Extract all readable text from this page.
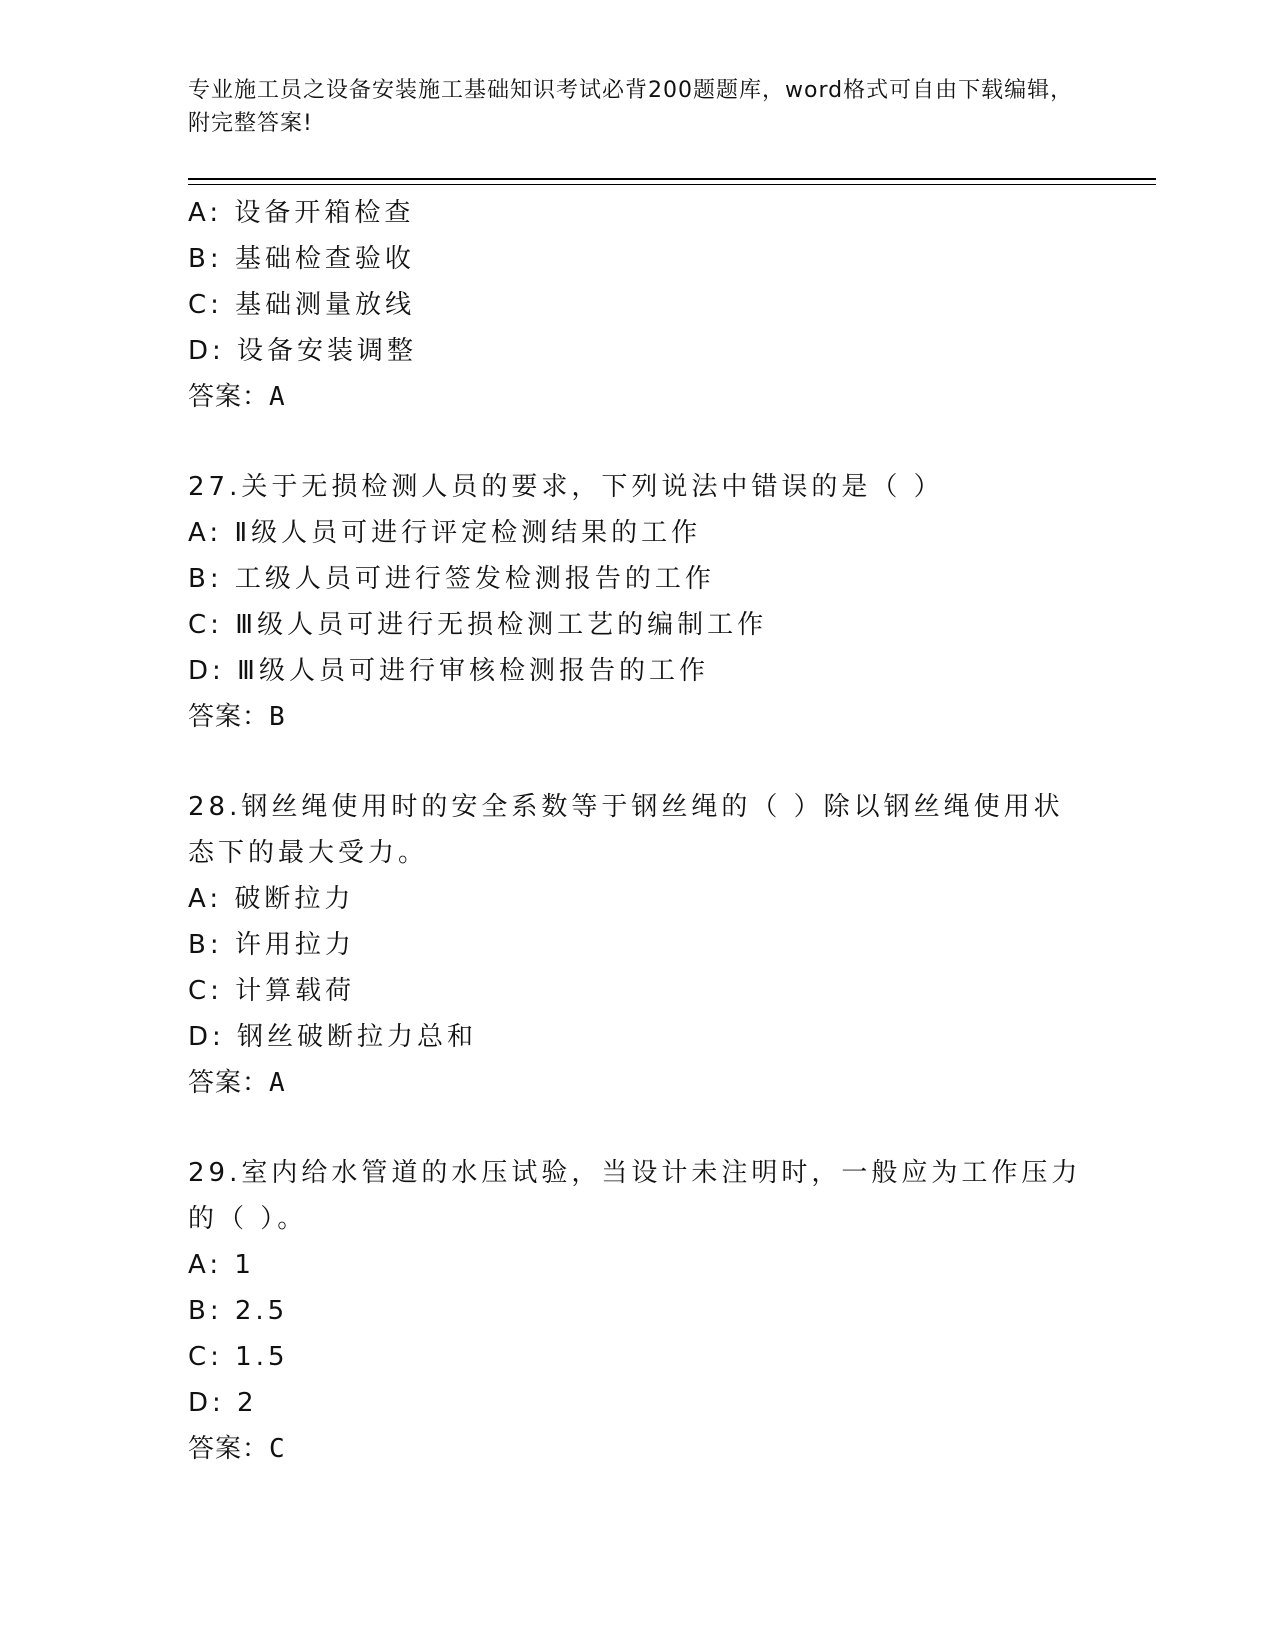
专业施工员之设备安装施工基础知识考试必背200题题库，word格式可自由下载编辑，附完整答案!
A: 设备开箱检查
B: 基础检查验收
C: 基础测量放线
D: 设备安装调整
答案：A
27.关于无损检测人员的要求，下列说法中错误的是（ ）
A: Ⅱ级人员可进行评定检测结果的工作
B: 工级人员可进行签发检测报告的工作
C: Ⅲ级人员可进行无损检测工艺的编制工作
D: Ⅲ级人员可进行审核检测报告的工作
答案：B
28.钢丝绳使用时的安全系数等于钢丝绳的（ ）除以钢丝绳使用状态下的最大受力。
A: 破断拉力
B: 许用拉力
C: 计算载荷
D: 钢丝破断拉力总和
答案：A
29.室内给水管道的水压试验，当设计未注明时，一般应为工作压力的（ ）。
A: 1
B: 2.5
C: 1.5
D: 2
答案：C
